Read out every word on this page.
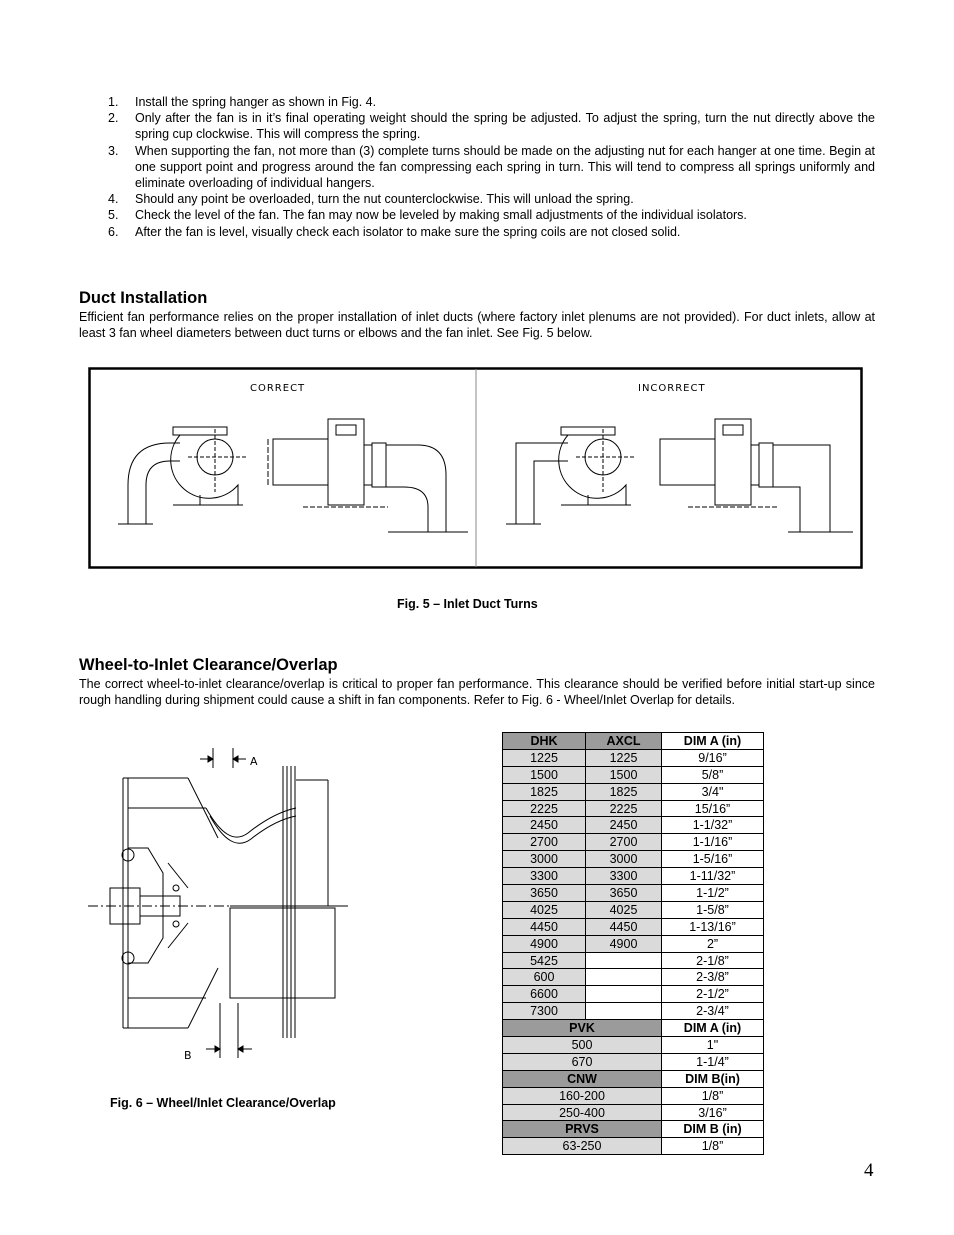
1. Install the spring hanger as shown in Fig. 4.
2. Only after the fan is in it’s final operating weight should the spring be adjusted. To adjust the spring, turn the nut directly above the spring cup clockwise. This will compress the spring.
3. When supporting the fan, not more than (3) complete turns should be made on the adjusting nut for each hanger at one time. Begin at one support point and progress around the fan compressing each spring in turn. This will tend to compress all springs uniformly and eliminate overloading of individual hangers.
4. Should any point be overloaded, turn the nut counterclockwise. This will unload the spring.
5. Check the level of the fan. The fan may now be leveled by making small adjustments of the individual isolators.
6. After the fan is level, visually check each isolator to make sure the spring coils are not closed solid.
Duct Installation

Efficient fan performance relies on the proper installation of inlet ducts (where factory inlet plenums are not provided). For duct inlets, allow at least 3 fan wheel diameters between duct turns or elbows and the fan inlet. See Fig. 5 below.

CORRECT	INCORRECT

Fig. 5 – Inlet Duct Turns

Wheel-to-Inlet Clearance/Overlap

The correct wheel-to-inlet clearance/overlap is critical to proper fan performance. This clearance should be verified before initial start-up since rough handling during shipment could cause a shift in fan components. Refer to Fig. 6 - Wheel/Inlet Overlap for details.

A
B

Fig. 6 – Wheel/Inlet Clearance/Overlap

DHK	AXCL	DIM A (in)
1225	1225	9/16”
1500	1500	5/8”
1825	1825	3/4"
2225	2225	15/16”
2450	2450	1-1/32”
2700	2700	1-1/16”
3000	3000	1-5/16”
3300	3300	1-11/32”
3650	3650	1-1/2”
4025	4025	1-5/8”
4450	4450	1-13/16”
4900	4900	2”
5425		2-1/8”
600		2-3/8”
6600		2-1/2”
7300		2-3/4”
PVK		DIM A (in)
500		1"
670		1-1/4”
CNW		DIM B(in)
160-200		1/8”
250-400		3/16”
PRVS		DIM B (in)
63-250		1/8”
4
